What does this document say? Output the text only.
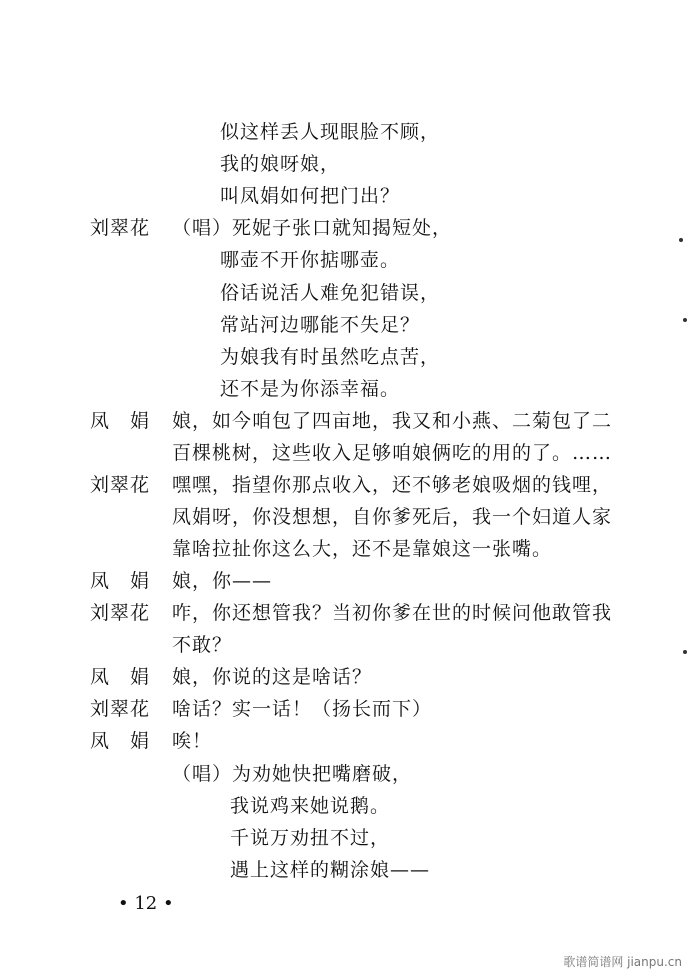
似这样丢人现眼脸不顾，
我的娘呀娘，
叫凤娟如何把门出？
刘翠花 （唱）死妮子张口就知揭短处，
哪壶不开你掂哪壶。
俗话说活人难免犯错误，
常站河边哪能不失足？
为娘我有时虽然吃点苦，
还不是为你添幸福。
凤　娟 娘，如今咱包了四亩地，我又和小燕、二菊包了二
百棵桃树，这些收入足够咱娘俩吃的用的了。……
刘翠花 嘿嘿，指望你那点收入，还不够老娘吸烟的钱哩，
凤娟呀，你没想想，自你爹死后，我一个妇道人家
靠啥拉扯你这么大，还不是靠娘这一张嘴。
凤　娟 娘，你——
刘翠花 咋，你还想管我？当初你爹在世的时候问他敢管我
不敢？
凤　娟 娘，你说的这是啥话？
刘翠花 啥话？实一话！（扬长而下）
凤　娟 唉！
（唱）为劝她快把嘴磨破，
我说鸡来她说鹅。
千说万劝扭不过，
遇上这样的糊涂娘——
• 12 •
歌谱简谱网 jianpu.cn
